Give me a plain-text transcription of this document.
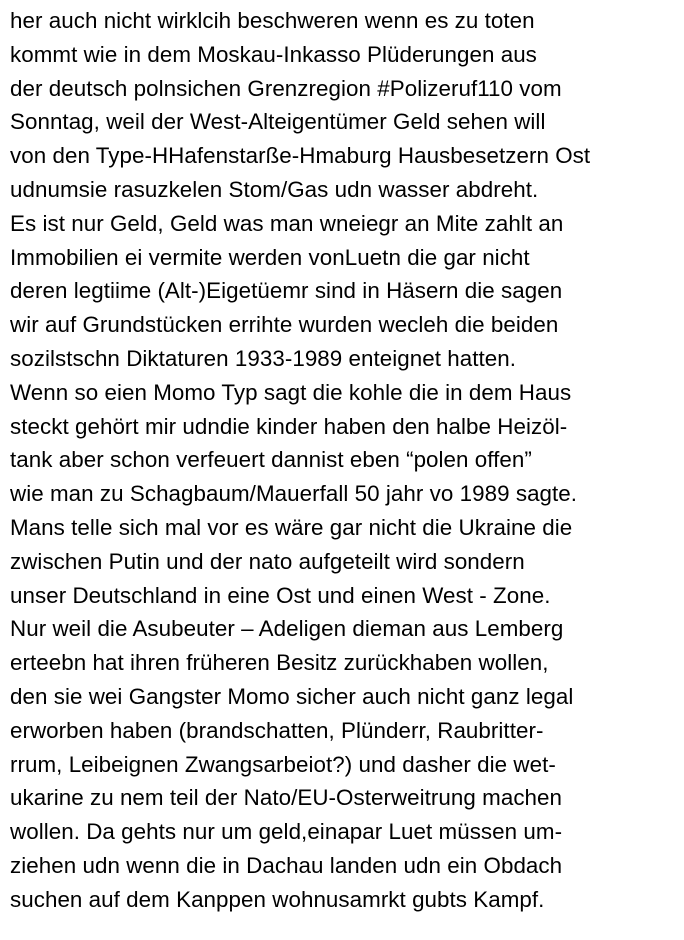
her auch nicht wirklcih beschweren wenn es zu toten
kommt wie in dem Moskau-Inkasso Plüderungen aus
der deutsch polnsichen Grenzregion #Polizeruf110 vom
Sonntag, weil der West-Alteigentümer Geld sehen will
von den Type-HHafenstarße-Hmaburg Hausbesetzern Ost
udnumsie rasuzkelen Stom/Gas udn wasser abdreht.
Es ist nur Geld, Geld was man wneiegr an Mite zahlt an
Immobilien ei vermite werden vonLuetn die gar nicht
deren legtiime (Alt-)Eigetüemr sind in Häsern die sagen
wir auf Grundstücken errihte wurden wecleh die beiden
sozilstschn Diktaturen 1933-1989 enteignet hatten.
Wenn so eien Momo Typ sagt die kohle die in dem Haus
steckt gehört mir udndie kinder haben den halbe Heizöl-
tank aber schon verfeuert dannist eben “polen offen”
wie man zu Schagbaum/Mauerfall 50 jahr vo 1989 sagte.
Mans telle sich mal vor es wäre gar nicht die Ukraine die
zwischen Putin und der nato aufgeteilt wird sondern
unser Deutschland in eine Ost und einen West - Zone.
Nur weil die Asubeuter – Adeligen dieman aus Lemberg
erteebn hat ihren früheren Besitz zurückhaben wollen,
den sie wei Gangster Momo sicher auch nicht ganz legal
erworben haben (brandschatten, Plünderr, Raubritter-
rrum, Leibeignen Zwangsarbeiot?) und dasher die wet-
ukarine zu nem teil der Nato/EU-Osterweitrung machen
wollen. Da gehts nur um geld,einapar Luet müssen um-
ziehen udn wenn die in Dachau landen udn ein Obdach
suchen auf dem Kanppen wohnusamrkt gubts Kampf.
